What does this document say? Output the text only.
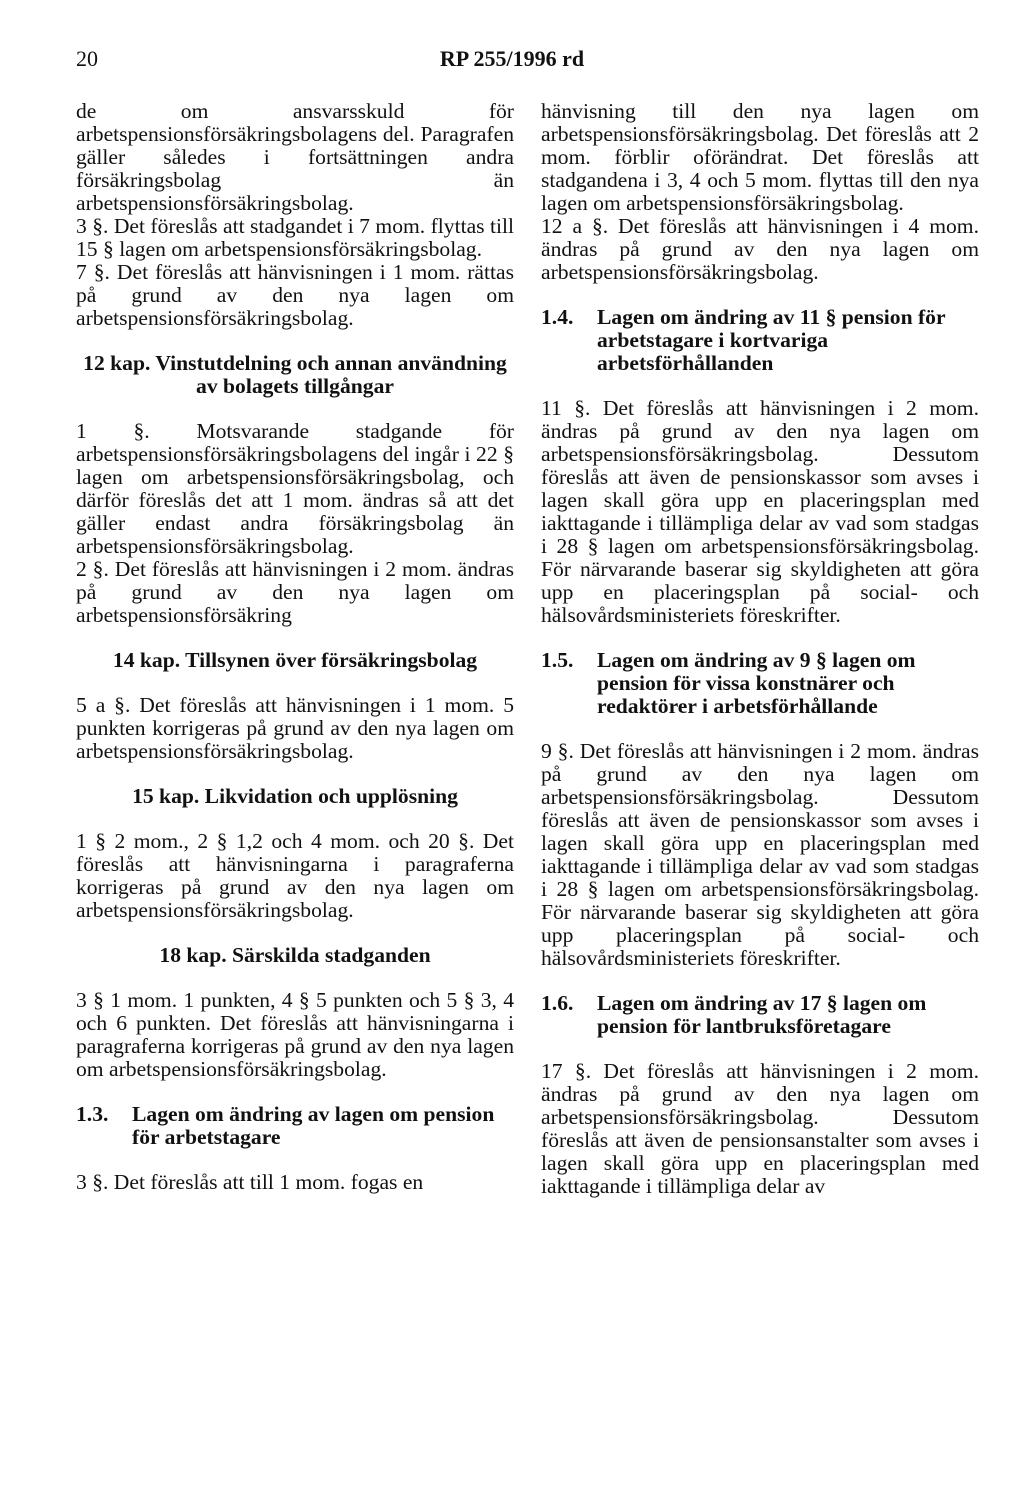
20	RP 255/1996 rd

de om ansvarsskuld för arbetspensionsförsäkringsbolagens del. Paragrafen gäller således i fortsättningen andra försäkringsbolag än arbetspensionsförsäkringsbolag.

3 §. Det föreslås att stadgandet i 7 mom. flyttas till 15 § lagen om arbetspensionsförsäkringsbolag.

7 §. Det föreslås att hänvisningen i 1 mom. rättas på grund av den nya lagen om arbetspensionsförsäkringsbolag.

12 kap. Vinstutdelning och annan användning av bolagets tillgångar

1 §. Motsvarande stadgande för arbetspensionsförsäkringsbolagens del ingår i 22 § lagen om arbetspensionsförsäkringsbolag, och därför föreslås det att 1 mom. ändras så att det gäller endast andra försäkringsbolag än arbetspensionsförsäkringsbolag.

2 §. Det föreslås att hänvisningen i 2 mom. ändras på grund av den nya lagen om arbetspensionsförsäkring

14 kap. Tillsynen över försäkringsbolag

5 a §. Det föreslås att hänvisningen i 1 mom. 5 punkten korrigeras på grund av den nya lagen om arbetspensionsförsäkringsbolag.

15 kap. Likvidation och upplösning

1 § 2 mom., 2 § 1,2 och 4 mom. och 20 §. Det föreslås att hänvisningarna i paragraferna korrigeras på grund av den nya lagen om arbetspensionsförsäkringsbolag.

18 kap. Särskilda stadganden

3 § 1 mom. 1 punkten, 4 § 5 punkten och 5 § 3, 4 och 6 punkten. Det föreslås att hänvisningarna i paragraferna korrigeras på grund av den nya lagen om arbetspensionsförsäkringsbolag.

1.3.	Lagen om ändring av lagen om pension för arbetstagare

3 §. Det föreslås att till 1 mom. fogas en

hänvisning till den nya lagen om arbetspensionsförsäkringsbolag. Det föreslås att 2 mom. förblir oförändrat. Det föreslås att stadgandena i 3, 4 och 5 mom. flyttas till den nya lagen om arbetspensionsförsäkringsbolag.

12 a §. Det föreslås att hänvisningen i 4 mom. ändras på grund av den nya lagen om arbetspensionsförsäkringsbolag.

1.4.	Lagen om ändring av 11 § pension för arbetstagare i kortvariga arbetsförhållanden

11 §. Det föreslås att hänvisningen i 2 mom. ändras på grund av den nya lagen om arbetspensionsförsäkringsbolag. Dessutom föreslås att även de pensionskassor som avses i lagen skall göra upp en placeringsplan med iakttagande i tillämpliga delar av vad som stadgas i 28 § lagen om arbetspensionsförsäkringsbolag. För närvarande baserar sig skyldigheten att göra upp en placeringsplan på social- och hälsovårdsministeriets föreskrifter.

1.5.	Lagen om ändring av 9 § lagen om pension för vissa konstnärer och redaktörer i arbetsförhållande

9 §. Det föreslås att hänvisningen i 2 mom. ändras på grund av den nya lagen om arbetspensionsförsäkringsbolag. Dessutom föreslås att även de pensionskassor som avses i lagen skall göra upp en placeringsplan med iakttagande i tillämpliga delar av vad som stadgas i 28 § lagen om arbetspensionsförsäkringsbolag. För närvarande baserar sig skyldigheten att göra upp placeringsplan på social- och hälsovårdsministeriets föreskrifter.

1.6.	Lagen om ändring av 17 § lagen om pension för lantbruksföretagare

17 §. Det föreslås att hänvisningen i 2 mom. ändras på grund av den nya lagen om arbetspensionsförsäkringsbolag. Dessutom föreslås att även de pensionsanstalter som avses i lagen skall göra upp en placeringsplan med iakttagande i tillämpliga delar av
